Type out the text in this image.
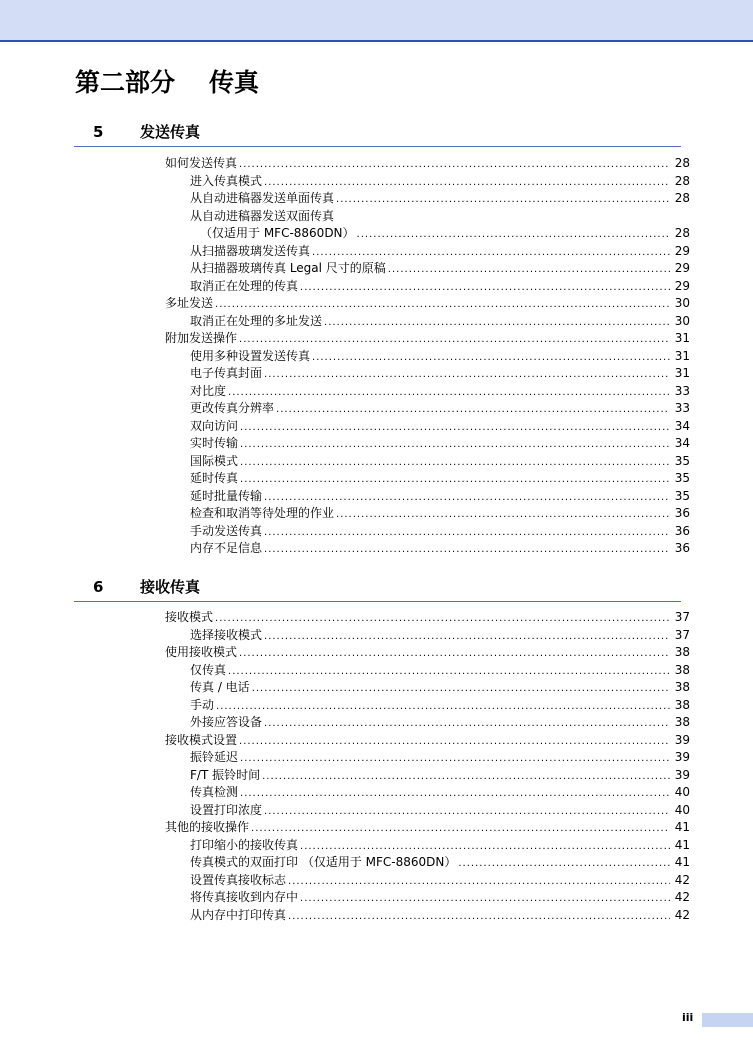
第二部分 传真
5 发送传真
如何发送传真 .....	28
进入传真模式 .....	28
从自动进稿器发送单面传真 .....	28
从自动进稿器发送双面传真
（仅适用于 MFC-8860DN） .....	28
从扫描器玻璃发送传真 .....	29
从扫描器玻璃传真 Legal 尺寸的原稿 .....	29
取消正在处理的传真 .....	29
多址发送 .....	30
取消正在处理的多址发送 .....	30
附加发送操作 .....	31
使用多种设置发送传真 .....	31
电子传真封面 .....	31
对比度 .....	33
更改传真分辨率 .....	33
双向访问 .....	34
实时传输 .....	34
国际模式 .....	35
延时传真 .....	35
延时批量传输 .....	35
检查和取消等待处理的作业 .....	36
手动发送传真 .....	36
内存不足信息 .....	36
6 接收传真
接收模式 .....	37
选择接收模式 .....	37
使用接收模式 .....	38
仅传真 .....	38
传真 / 电话 .....	38
手动 .....	38
外接应答设备 .....	38
接收模式设置 .....	39
振铃延迟 .....	39
F/T 振铃时间 .....	39
传真检测 .....	40
设置打印浓度 .....	40
其他的接收操作 .....	41
打印缩小的接收传真 .....	41
传真模式的双面打印 （仅适用于 MFC-8860DN） .....	41
设置传真接收标志 .....	42
将传真接收到内存中 .....	42
从内存中打印传真 .....	42
iii
